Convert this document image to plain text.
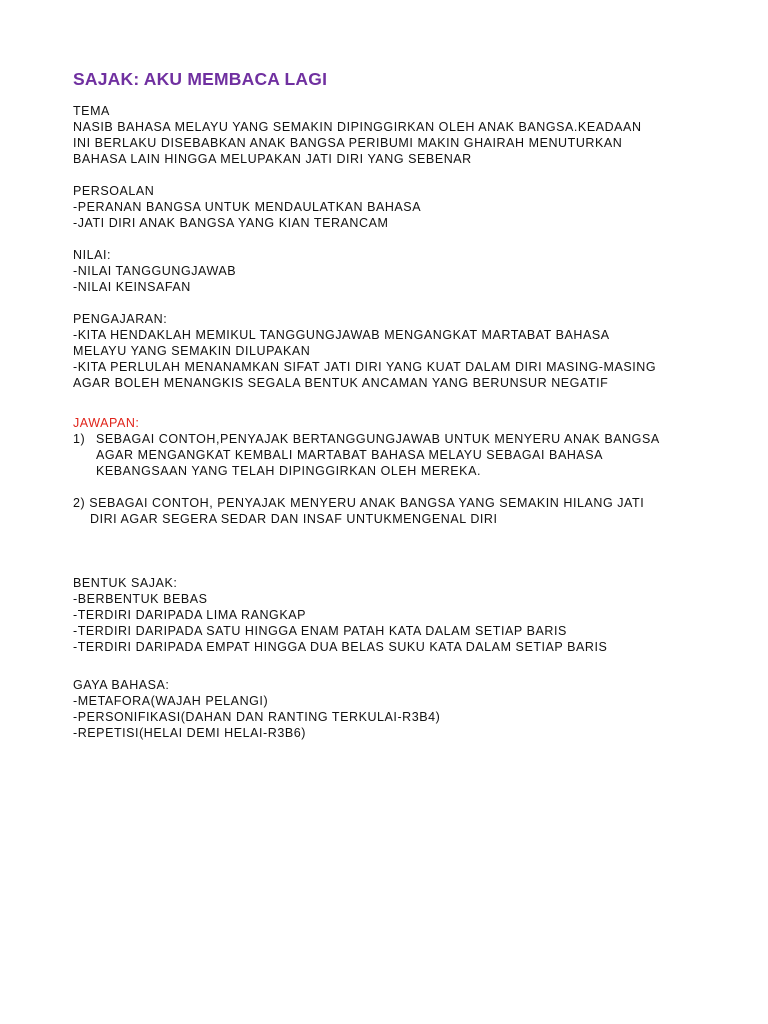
SAJAK: AKU MEMBACA LAGI
TEMA
NASIB BAHASA MELAYU YANG SEMAKIN DIPINGGIRKAN OLEH ANAK BANGSA.KEADAAN
INI BERLAKU DISEBABKAN ANAK BANGSA PERIBUMI MAKIN GHAIRAH MENUTURKAN
BAHASA LAIN HINGGA MELUPAKAN JATI DIRI YANG SEBENAR
PERSOALAN
-PERANAN BANGSA UNTUK MENDAULATKAN BAHASA
-JATI DIRI ANAK BANGSA YANG KIAN TERANCAM
NILAI:
-NILAI TANGGUNGJAWAB
-NILAI KEINSAFAN
PENGAJARAN:
-KITA HENDAKLAH MEMIKUL TANGGUNGJAWAB MENGANGKAT MARTABAT BAHASA
MELAYU YANG SEMAKIN DILUPAKAN
-KITA PERLULAH MENANAMKAN SIFAT JATI DIRI YANG KUAT DALAM DIRI MASING-MASING
AGAR BOLEH MENANGKIS SEGALA BENTUK ANCAMAN YANG BERUNSUR NEGATIF
JAWAPAN:
1) SEBAGAI CONTOH,PENYAJAK BERTANGGUNGJAWAB UNTUK MENYERU ANAK BANGSA
AGAR MENGANGKAT KEMBALI MARTABAT BAHASA MELAYU SEBAGAI BAHASA
KEBANGSAAN YANG TELAH DIPINGGIRKAN OLEH MEREKA.
2) SEBAGAI CONTOH, PENYAJAK MENYERU ANAK BANGSA YANG SEMAKIN HILANG JATI
DIRI AGAR SEGERA SEDAR DAN INSAF UNTUKMENGENAL DIRI
BENTUK SAJAK:
-BERBENTUK BEBAS
-TERDIRI DARIPADA LIMA RANGKAP
-TERDIRI DARIPADA SATU HINGGA ENAM PATAH KATA DALAM SETIAP BARIS
-TERDIRI DARIPADA EMPAT HINGGA DUA BELAS SUKU KATA DALAM SETIAP BARIS
GAYA BAHASA:
-METAFORA(WAJAH PELANGI)
-PERSONIFIKASI(DAHAN DAN RANTING TERKULAI-R3B4)
-REPETISI(HELAI DEMI HELAI-R3B6)
